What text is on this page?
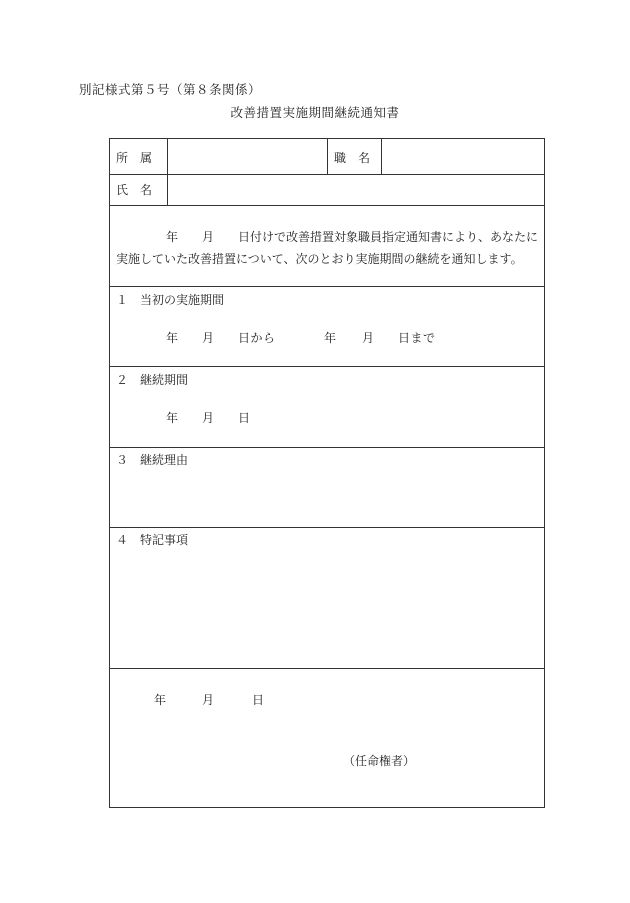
別記様式第５号（第８条関係）
改善措置実施期間継続通知書
所属	職名
氏名
年 月 日付けで改善措置対象職員指定通知書により、あなたに
実施していた改善措置について、次のとおり実施期間の継続を通知します。
１　当初の実施期間
年 月 日から	年 月 日まで
２　継続期間
年 月 日
３　継続理由
４　特記事項
年	月	日
（任命権者）
